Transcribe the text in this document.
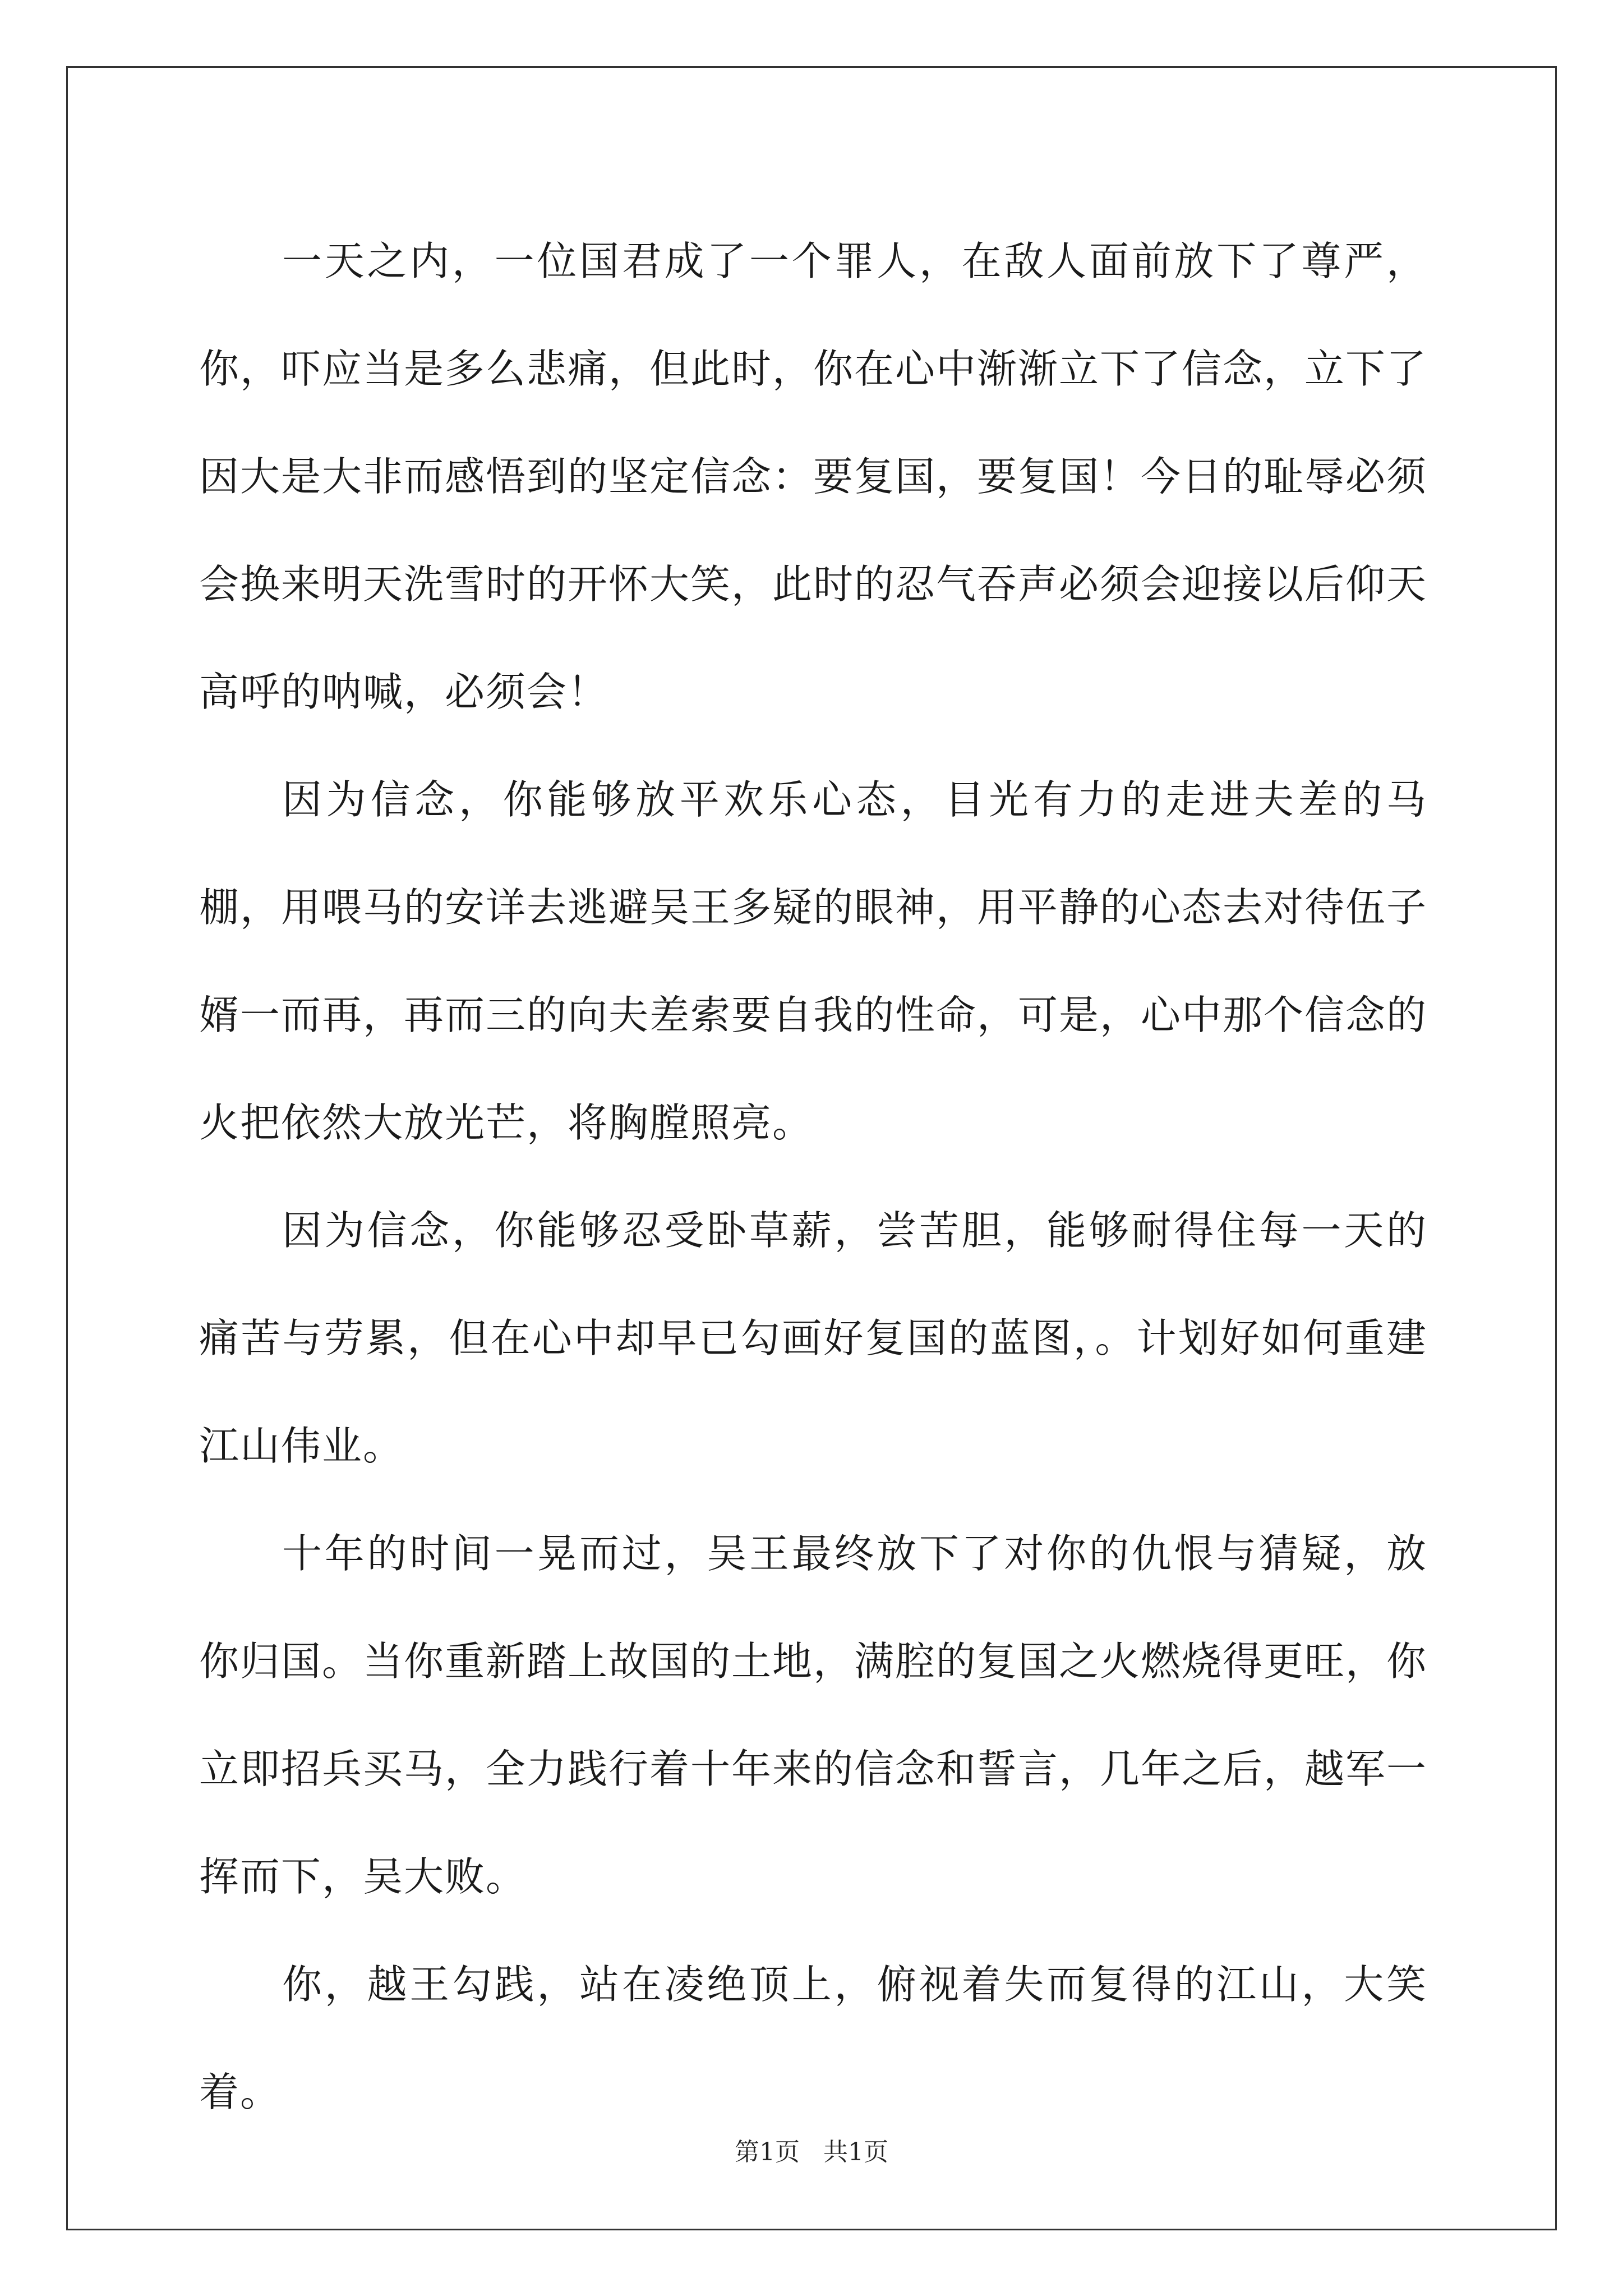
一天之内，一位国君成了一个罪人，在敌人面前放下了尊严，你，吓应当是多么悲痛，但此时，你在心中渐渐立下了信念，立下了因大是大非而感悟到的坚定信念：要复国，要复国！今日的耻辱必须会换来明天洗雪时的开怀大笑，此时的忍气吞声必须会迎接以后仰天高呼的呐喊，必须会！

因为信念，你能够放平欢乐心态，目光有力的走进夫差的马棚，用喂马的安详去逃避吴王多疑的眼神，用平静的心态去对待伍子婿一而再，再而三的向夫差索要自我的性命，可是，心中那个信念的火把依然大放光芒，将胸膛照亮。

因为信念，你能够忍受卧草薪，尝苦胆，能够耐得住每一天的痛苦与劳累，但在心中却早已勾画好复国的蓝图，。计划好如何重建江山伟业。

十年的时间一晃而过，吴王最终放下了对你的仇恨与猜疑，放你归国。当你重新踏上故国的土地，满腔的复国之火燃烧得更旺，你立即招兵买马，全力践行着十年来的信念和誓言，几年之后，越军一挥而下，吴大败。

你，越王勾践，站在凌绝顶上，俯视着失而复得的江山，大笑着。

第1页 共1页
